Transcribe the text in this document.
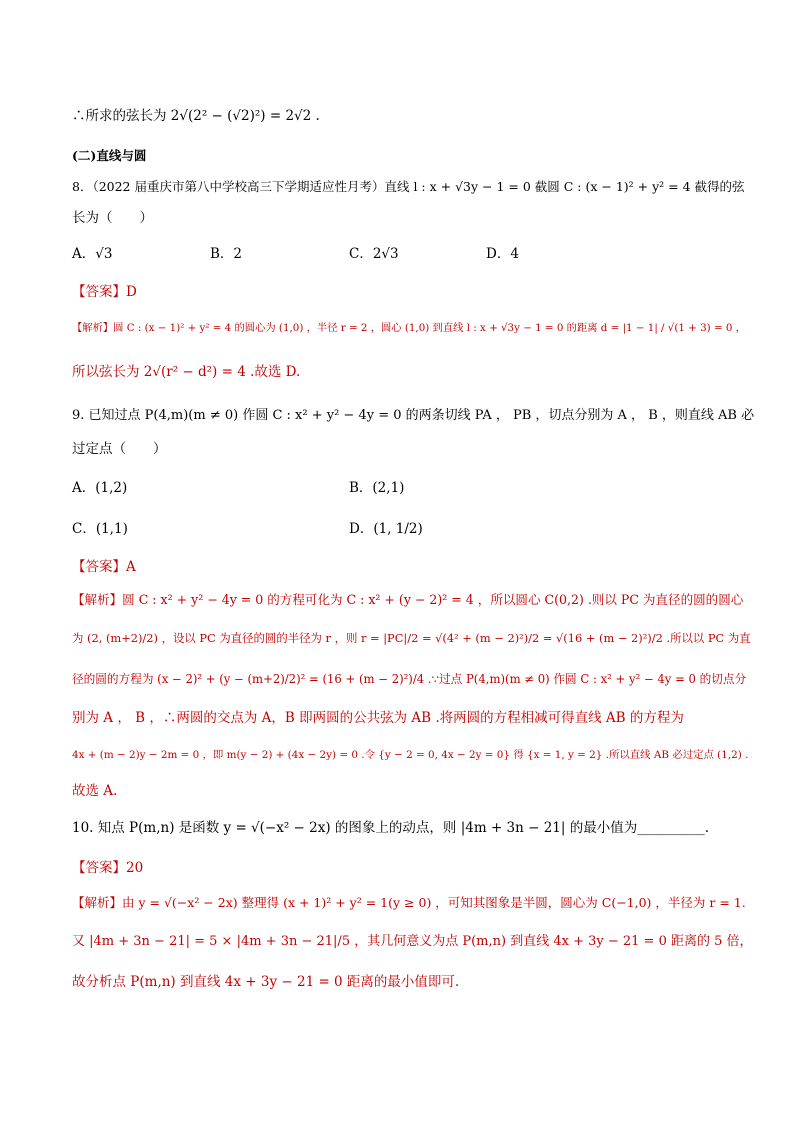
∴所求的弦长为 2√(2² − (√2)²) = 2√2 .
(二)直线与圆
8．（2022 届重庆市第八中学校高三下学期适应性月考）直线 l : x + √3y − 1 = 0 截圆 C : (x − 1)² + y² = 4 截得的弦
长为（　　）
A．√3	B．2	C．2√3	D．4
【答案】D
【解析】圆 C : (x − 1)² + y² = 4 的圆心为 (1,0) ，半径 r = 2 ，圆心 (1,0) 到直线 l : x + √3y − 1 = 0 的距离 d = |1 − 1| / √(1 + 3) = 0 ，
所以弦长为 2√(r² − d²) = 4 .故选 D.
9. 已知过点 P(4,m)(m ≠ 0) 作圆 C : x² + y² − 4y = 0 的两条切线 PA ， PB ，切点分别为 A ， B ，则直线 AB 必
过定点（　　）
A．(1,2)	B．(2,1)
C．(1,1)	D．(1, 1/2)
【答案】A
【解析】圆 C : x² + y² − 4y = 0 的方程可化为 C : x² + (y − 2)² = 4 ，所以圆心 C(0,2) .则以 PC 为直径的圆的圆心
为 (2, (m+2)/2) ，设以 PC 为直径的圆的半径为 r ，则 r = |PC|/2 = √(4² + (m − 2)²)/2 = √(16 + (m − 2)²)/2 .所以以 PC 为直
径的圆的方程为 (x − 2)² + (y − (m+2)/2)² = (16 + (m − 2)²)/4 .∵过点 P(4,m)(m ≠ 0) 作圆 C : x² + y² − 4y = 0 的切点分
别为 A ， B ，∴两圆的交点为 A，B 即两圆的公共弦为 AB .将两圆的方程相减可得直线 AB 的方程为
4x + (m − 2)y − 2m = 0 ，即 m(y − 2) + (4x − 2y) = 0 .令 {y − 2 = 0, 4x − 2y = 0} 得 {x = 1, y = 2} .所以直线 AB 必过定点 (1,2) .
故选 A.
10. 知点 P(m,n) 是函数 y = √(−x² − 2x) 的图象上的动点，则 |4m + 3n − 21| 的最小值为__________.
【答案】20
【解析】由 y = √(−x² − 2x) 整理得 (x + 1)² + y² = 1(y ≥ 0) ，可知其图象是半圆，圆心为 C(−1,0) ，半径为 r = 1.
又 |4m + 3n − 21| = 5 × |4m + 3n − 21|/5 ，其几何意义为点 P(m,n) 到直线 4x + 3y − 21 = 0 距离的 5 倍，
故分析点 P(m,n) 到直线 4x + 3y − 21 = 0 距离的最小值即可.
